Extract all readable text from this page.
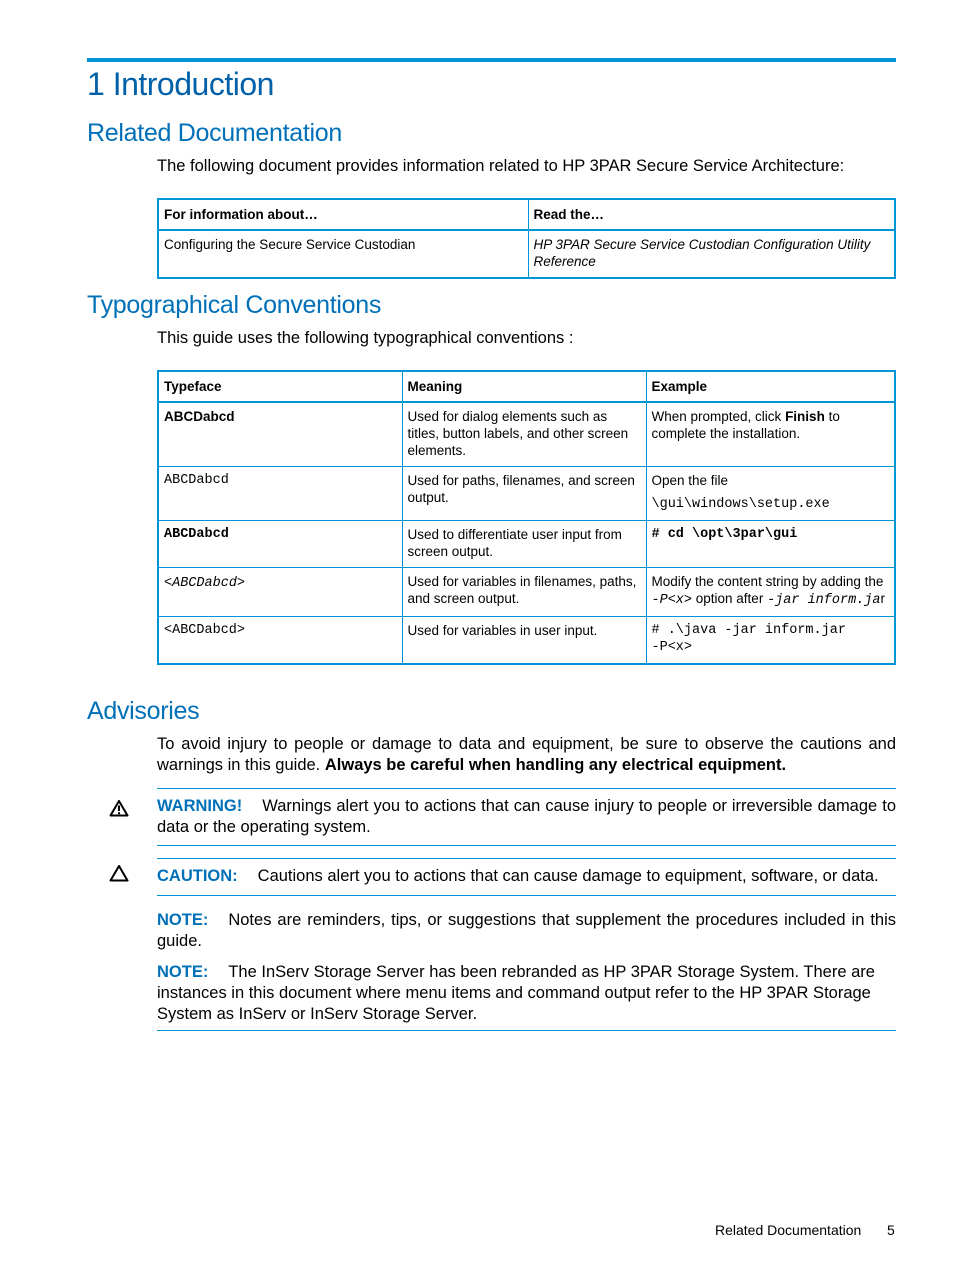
1 Introduction
Related Documentation

The following document provides information related to HP 3PAR Secure Service Architecture:

For information about…	Read the…
Configuring the Secure Service Custodian	HP 3PAR Secure Service Custodian Configuration Utility
Reference
Typographical Conventions

This guide uses the following typographical conventions :

Typeface	Meaning	Example
ABCDabcd	Used for dialog elements such as titles, button labels, and other screen elements.	When prompted, click Finish to complete the installation.
ABCDabcd	Used for paths, filenames, and screen output.	Open the file
\gui\windows\setup.exe

ABCDabcd	Used to differentiate user input from screen output.	# cd \opt\3par\gui
<ABCDabcd>	Used for variables in filenames, paths, and screen output.	Modify the content string by adding the -P<x> option after -jar inform.jar
<ABCDabcd>	Used for variables in user input.	# .\java -jar inform.jar
-P<x>
Advisories

To avoid injury to people or damage to data and equipment, be sure to observe the cautions and warnings in this guide. Always be careful when handling any electrical equipment.

WARNING! Warnings alert you to actions that can cause injury to people or irreversible damage to data or the operating system.

CAUTION: Cautions alert you to actions that can cause damage to equipment, software, or data.

NOTE: Notes are reminders, tips, or suggestions that supplement the procedures included in this guide.

NOTE: The InServ Storage Server has been rebranded as HP 3PAR Storage System. There are instances in this document where menu items and command output refer to the HP 3PAR Storage System as InServ or InServ Storage Server.

Related Documentation 5
